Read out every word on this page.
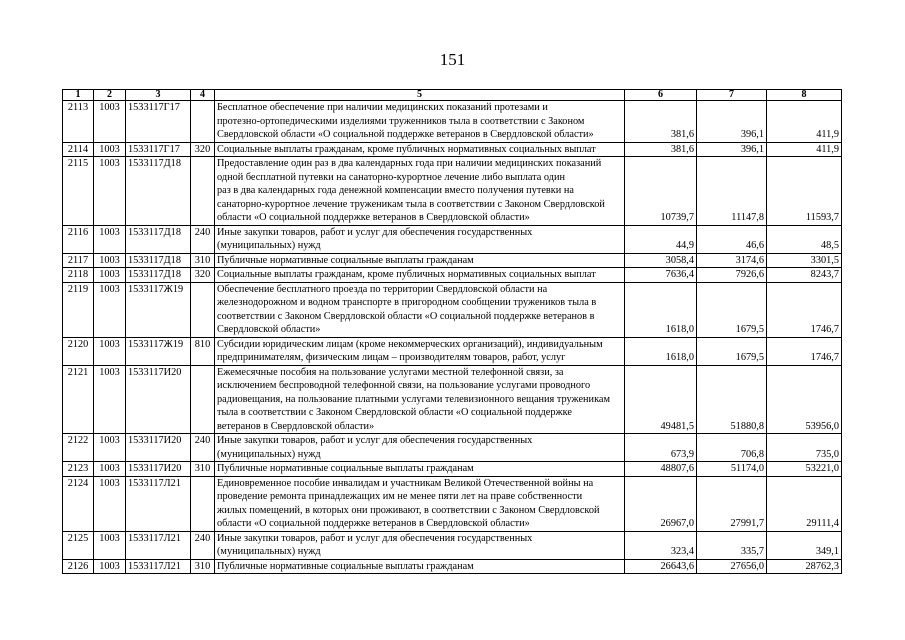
151
1	2	3	4	5	6	7	8
2113	1003	1533117Г17		Бесплатное обеспечение при наличии медицинских показаний протезами и
протезно-ортопедическими изделиями труженников тыла в соответствии с Законом
Свердловской области «О социальной поддержке ветеранов в Свердловской области»	381,6	396,1	411,9
2114	1003	1533117Г17	320	Социальные выплаты гражданам, кроме публичных нормативных социальных выплат	381,6	396,1	411,9
2115	1003	1533117Д18		Предоставление один раз в два календарных года при наличии медицинских показаний
одной бесплатной путевки на санаторно-курортное лечение либо выплата один
раз в два календарных года денежной компенсации вместо получения путевки на
санаторно-курортное лечение труженикам тыла в соответствии с Законом Свердловской
области «О социальной поддержке ветеранов в Свердловской области»	10739,7	11147,8	11593,7
2116	1003	1533117Д18	240	Иные закупки товаров, работ и услуг для обеспечения государственных
(муниципальных) нужд	44,9	46,6	48,5
2117	1003	1533117Д18	310	Публичные нормативные социальные выплаты гражданам	3058,4	3174,6	3301,5
2118	1003	1533117Д18	320	Социальные выплаты гражданам, кроме публичных нормативных социальных выплат	7636,4	7926,6	8243,7
2119	1003	1533117Ж19		Обеспечение бесплатного проезда по территории Свердловской области на
железнодорожном и водном транспорте в пригородном сообщении тружеников тыла в
соответствии с Законом Свердловской области «О социальной поддержке ветеранов в
Свердловской области»	1618,0	1679,5	1746,7
2120	1003	1533117Ж19	810	Субсидии юридическим лицам (кроме некоммерческих организаций), индивидуальным
предпринимателям, физическим лицам – производителям товаров, работ, услуг	1618,0	1679,5	1746,7
2121	1003	1533117И20		Ежемесячные пособия на пользование услугами местной телефонной связи, за
исключением беспроводной телефонной связи, на пользование услугами проводного
радиовещания, на пользование платными услугами телевизионного вещания труженикам
тыла в соответствии с Законом Свердловской области «О социальной поддержке
ветеранов в Свердловской области»	49481,5	51880,8	53956,0
2122	1003	1533117И20	240	Иные закупки товаров, работ и услуг для обеспечения государственных
(муниципальных) нужд	673,9	706,8	735,0
2123	1003	1533117И20	310	Публичные нормативные социальные выплаты гражданам	48807,6	51174,0	53221,0
2124	1003	1533117Л21		Единовременное пособие инвалидам и участникам Великой Отечественной войны на
проведение ремонта принадлежащих им не менее пяти лет на праве собственности
жилых помещений, в которых они проживают, в соответствии с Законом Свердловской
области «О социальной поддержке ветеранов в Свердловской области»	26967,0	27991,7	29111,4
2125	1003	1533117Л21	240	Иные закупки товаров, работ и услуг для обеспечения государственных
(муниципальных) нужд	323,4	335,7	349,1
2126	1003	1533117Л21	310	Публичные нормативные социальные выплаты гражданам	26643,6	27656,0	28762,3
